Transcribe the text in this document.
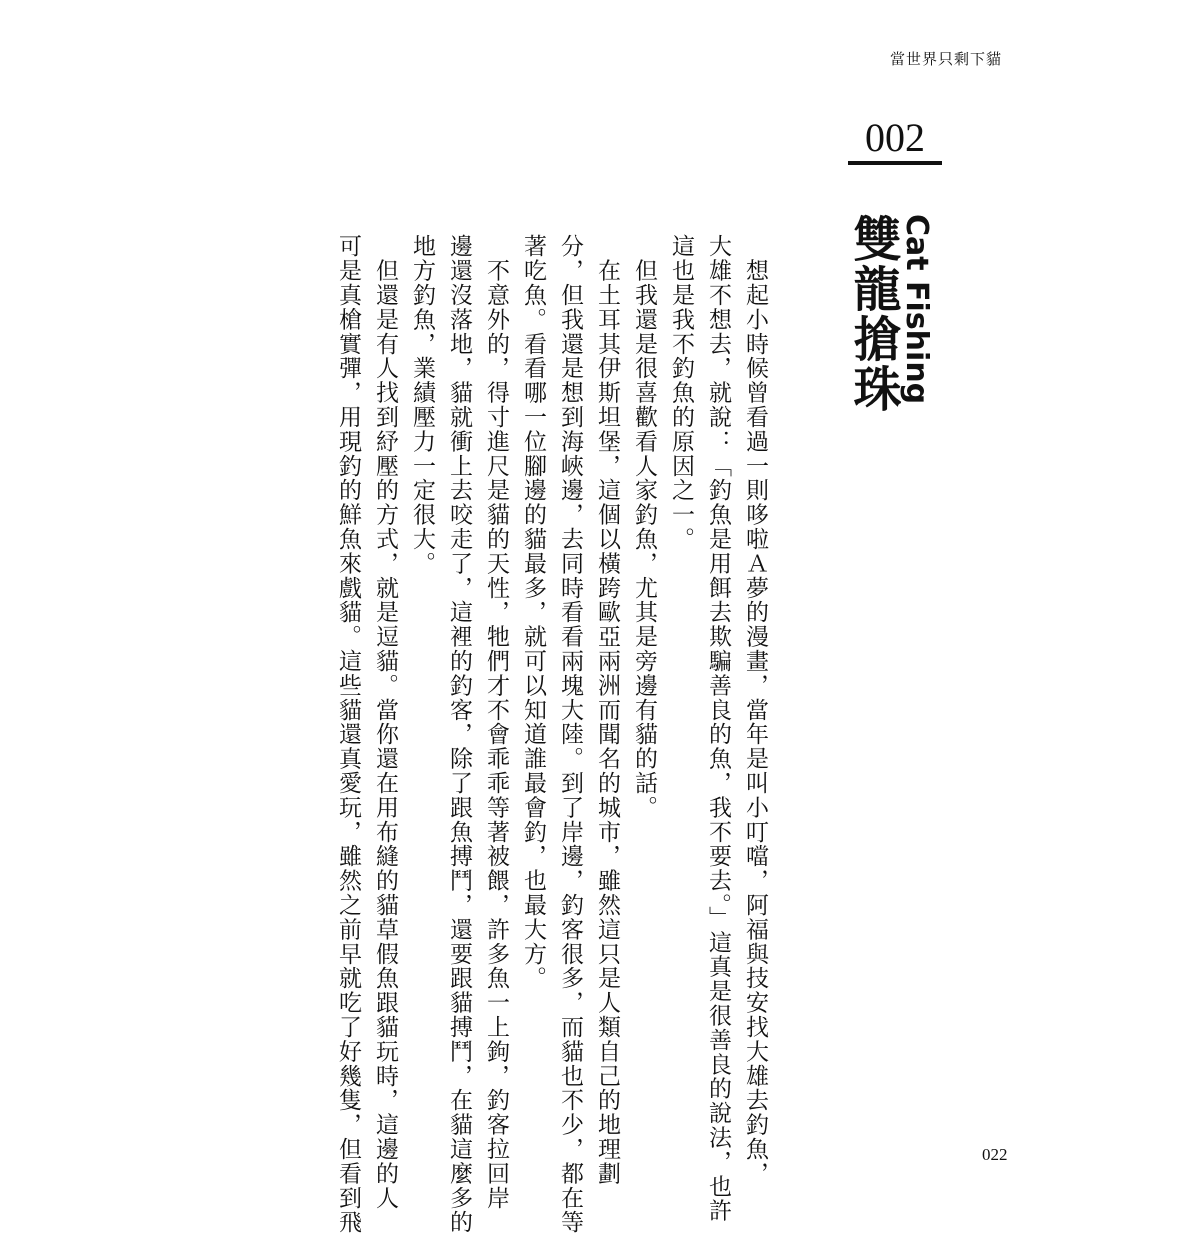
當世界只剩下貓
002
Cat Fishing
雙龍搶珠
　想起小時候曾看過一則哆啦Ａ夢的漫畫，當年是叫小叮噹，阿福與技安找大雄去釣魚，
大雄不想去，就說：「釣魚是用餌去欺騙善良的魚，我不要去。」這真是很善良的說法，也許
這也是我不釣魚的原因之一。
　但我還是很喜歡看人家釣魚，尤其是旁邊有貓的話。
　在土耳其伊斯坦堡，這個以橫跨歐亞兩洲而聞名的城市，雖然這只是人類自己的地理劃
分，但我還是想到海峽邊，去同時看看兩塊大陸。到了岸邊，釣客很多，而貓也不少，都在等
著吃魚。看看哪一位腳邊的貓最多，就可以知道誰最會釣，也最大方。
　不意外的，得寸進尺是貓的天性，牠們才不會乖乖等著被餵，許多魚一上鉤，釣客拉回岸
邊還沒落地，貓就衝上去咬走了，這裡的釣客，除了跟魚搏鬥，還要跟貓搏鬥，在貓這麼多的
地方釣魚，業績壓力一定很大。
　但還是有人找到紓壓的方式，就是逗貓。當你還在用布縫的貓草假魚跟貓玩時，這邊的人
可是真槍實彈，用現釣的鮮魚來戲貓。這些貓還真愛玩，雖然之前早就吃了好幾隻，但看到飛	022
